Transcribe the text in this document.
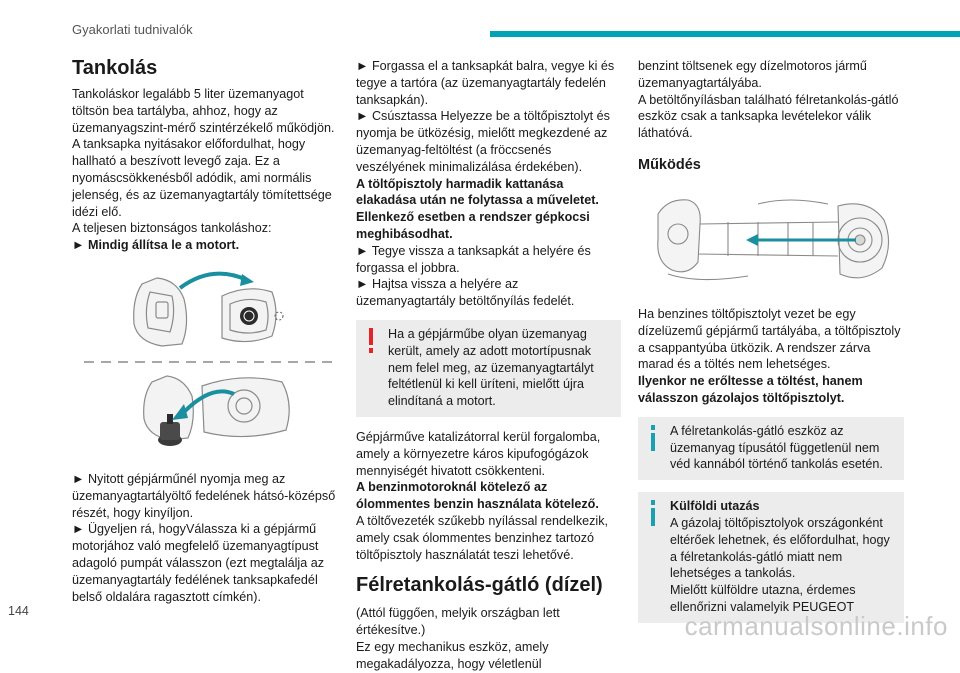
Gyakorlati tudnivalók
Tankolás

Tankoláskor legalább 5 liter üzemanyagot töltsön bea tartályba, ahhoz, hogy az üzemanyagszint-mérő szintérzékelő működjön.

A tanksapka nyitásakor előfordulhat, hogy hallható a beszívott levegő zaja. Ez a nyomáscsökkenésből adódik, ami normális jelenség, és az üzemanyagtartály tömítettsége idézi elő.

A teljesen biztonságos tankoláshoz:

► Mindig állítsa le a motort.

► Nyitott gépjárműnél nyomja meg az üzemanyagtartályöltő fedelének hátsó-középső részét, hogy kinyíljon.

► Ügyeljen rá, hogyVálassza ki a gépjármű motorjához való megfelelő üzemanyagtípust adagoló pumpát válasszon (ezt megtalálja az üzemanyagtartály fedélének tanksapkafedél belső oldalára ragasztott címkén).

► Forgassa el a tanksapkát balra, vegye ki és tegye a tartóra (az üzemanyagtartály fedelén tanksapkán).

► Csúsztassa Helyezze be a töltőpisztolyt és nyomja be ütközésig, mielőtt megkezdené az üzemanyag-feltöltést (a fröccsenés veszélyének minimalizálása érdekében).

A töltőpisztoly harmadik kattanása elakadása után ne folytassa a műveletet. Ellenkező esetben a rendszer gépkocsi meghibásodhat.

► Tegye vissza a tanksapkát a helyére és forgassa el jobbra.

► Hajtsa vissza a helyére az üzemanyagtartály betöltőnyílás fedelét.

Ha a gépjárműbe olyan üzemanyag került, amely az adott motortípusnak nem felel meg, az üzemanyagtartályt feltétlenül ki kell üríteni, mielőtt újra elindítaná a motort.

Gépjárműve katalizátorral kerül forgalomba, amely a környezetre káros kipufogógázok mennyiségét hivatott csökkenteni.

A benzinmotoroknál kötelező az ólommentes benzin használata kötelező.

A töltővezeték szűkebb nyílással rendelkezik, amely csak ólommentes benzinhez tartozó töltőpisztoly használatát teszi lehetővé.

Félretankolás-gátló (dízel)

(Attól függően, melyik országban lett értékesítve.)

Ez egy mechanikus eszköz, amely megakadályozza, hogy véletlenül

benzint töltsenek egy dízelmotoros jármű üzemanyagtartályába.

A betöltőnyílásban található félretankolás-gátló eszköz csak a tanksapka levételekor válik láthatóvá.

Működés

Ha benzines töltőpisztolyt vezet be egy dízelüzemű gépjármű tartályába, a töltőpisztoly a csappantyúba ütközik. A rendszer zárva marad és a töltés nem lehetséges.

Ilyenkor ne erőltesse a töltést, hanem válasszon gázolajos töltőpisztolyt.

A félretankolás-gátló eszköz az üzemanyag típusától függetlenül nem véd kannából történő tankolás esetén.

Külföldi utazás

A gázolaj töltőpisztolyok országonként eltérőek lehetnek, és előfordulhat, hogy a félretankolás-gátló miatt nem lehetséges a tankolás.

Mielőtt külföldre utazna, érdemes ellenőrizni valamelyik PEUGEOT

144	carmanualsonline.info
